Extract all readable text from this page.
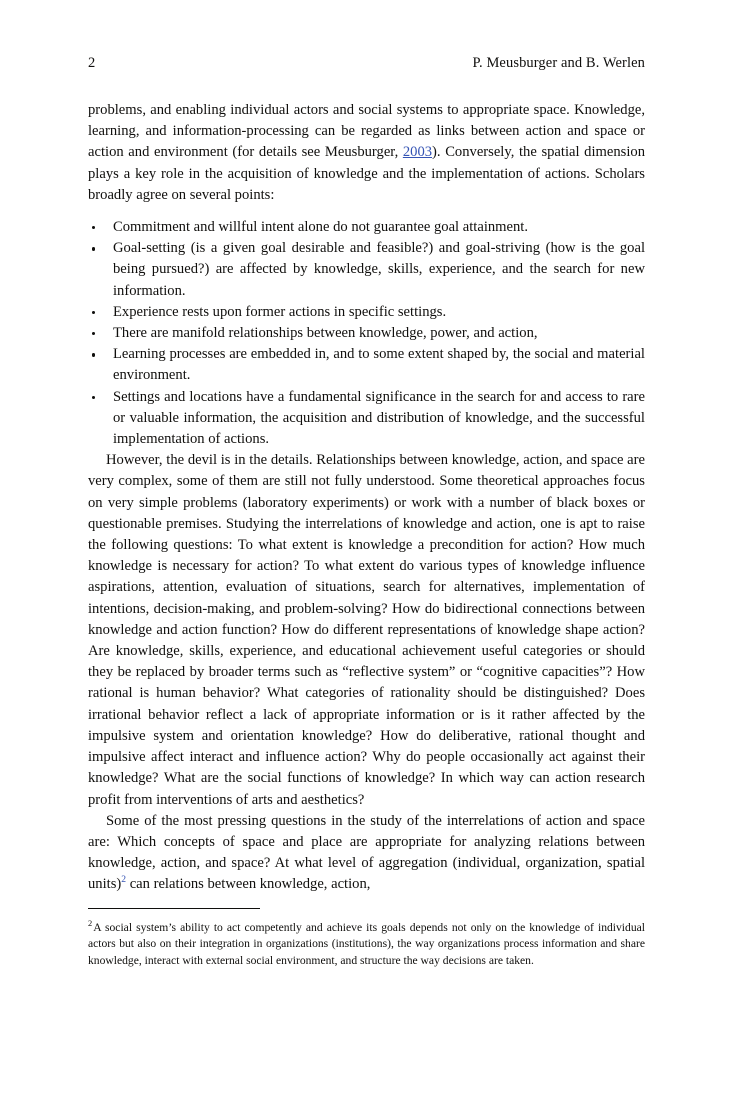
2	P. Meusburger and B. Werlen

problems, and enabling individual actors and social systems to appropriate space. Knowledge, learning, and information-processing can be regarded as links between action and space or action and environment (for details see Meusburger, 2003). Conversely, the spatial dimension plays a key role in the acquisition of knowledge and the implementation of actions. Scholars broadly agree on several points:

Commitment and willful intent alone do not guarantee goal attainment.
Goal-setting (is a given goal desirable and feasible?) and goal-striving (how is the goal being pursued?) are affected by knowledge, skills, experience, and the search for new information.
Experience rests upon former actions in specific settings.
There are manifold relationships between knowledge, power, and action,
Learning processes are embedded in, and to some extent shaped by, the social and material environment.
Settings and locations have a fundamental significance in the search for and access to rare or valuable information, the acquisition and distribution of knowledge, and the successful implementation of actions.

However, the devil is in the details. Relationships between knowledge, action, and space are very complex, some of them are still not fully understood. Some theoretical approaches focus on very simple problems (laboratory experiments) or work with a number of black boxes or questionable premises. Studying the interrelations of knowledge and action, one is apt to raise the following questions: To what extent is knowledge a precondition for action? How much knowledge is necessary for action? To what extent do various types of knowledge influence aspirations, attention, evaluation of situations, search for alternatives, implementation of intentions, decision-making, and problem-solving? How do bidirectional connections between knowledge and action function? How do different representations of knowledge shape action? Are knowledge, skills, experience, and educational achievement useful categories or should they be replaced by broader terms such as “reflective system” or “cognitive capacities”? How rational is human behavior? What categories of rationality should be distinguished? Does irrational behavior reflect a lack of appropriate information or is it rather affected by the impulsive system and orientation knowledge? How do deliberative, rational thought and impulsive affect interact and influence action? Why do people occasionally act against their knowledge? What are the social functions of knowledge? In which way can action research profit from interventions of arts and aesthetics?

Some of the most pressing questions in the study of the interrelations of action and space are: Which concepts of space and place are appropriate for analyzing relations between knowledge, action, and space? At what level of aggregation (individual, organization, spatial units)$^2$ can relations between knowledge, action,

$^2$A social system’s ability to act competently and achieve its goals depends not only on the knowledge of individual actors but also on their integration in organizations (institutions), the way organizations process information and share knowledge, interact with external social environment, and structure the way decisions are taken.
